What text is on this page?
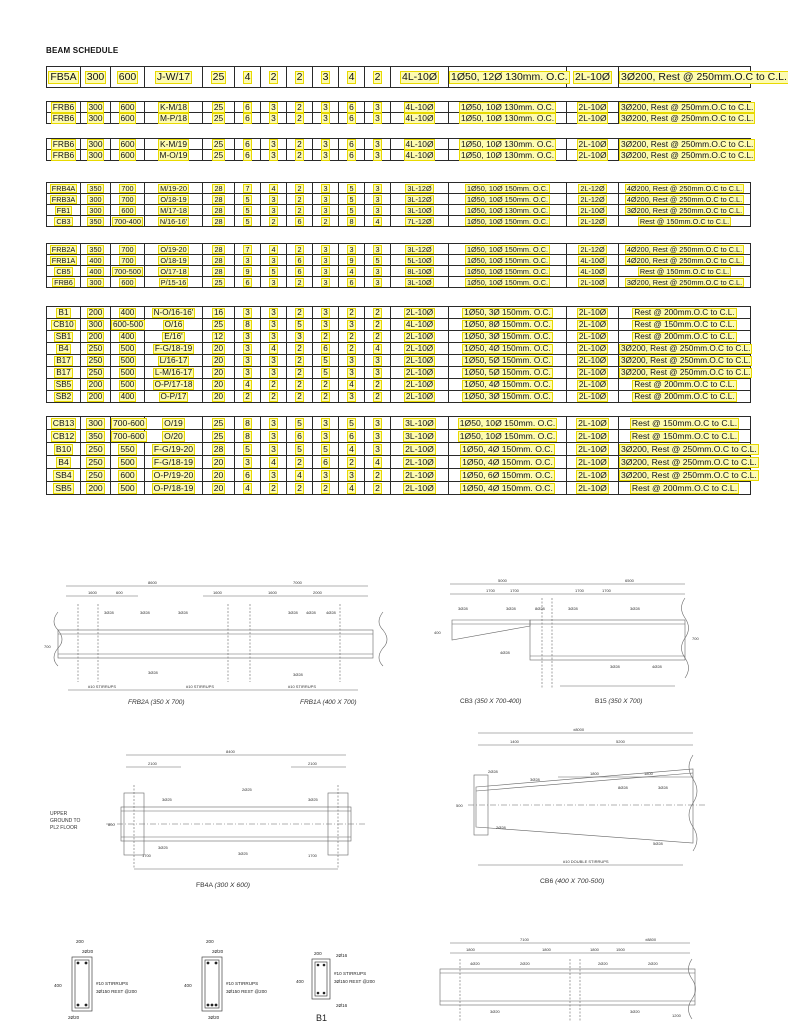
BEAM SCHEDULE
FB5A	300	600	J-W/17	25	4	2	2	3	4	2	4L-10Ø	1Ø50, 12Ø 130mm. O.C.	2L-10Ø	3Ø200, Rest @ 250mm.O.C to C.L.
FRB6	300	600	K-M/18	25	6	3	2	3	6	3	4L-10Ø	1Ø50, 10Ø 130mm. O.C.	2L-10Ø	3Ø200, Rest @ 250mm.O.C to C.L.
FRB6	300	600	M-P/18	25	6	3	2	3	6	3	4L-10Ø	1Ø50, 10Ø 130mm. O.C.	2L-10Ø	3Ø200, Rest @ 250mm.O.C to C.L.
FRB6	300	600	K-M/19	25	6	3	2	3	6	3	4L-10Ø	1Ø50, 10Ø 130mm. O.C.	2L-10Ø	3Ø200, Rest @ 250mm.O.C to C.L.
FRB6	300	600	M-O/19	25	6	3	2	3	6	3	4L-10Ø	1Ø50, 10Ø 130mm. O.C.	2L-10Ø	3Ø200, Rest @ 250mm.O.C to C.L.
FRB4A	350	700	M/19-20	28	7	4	2	3	5	3	3L-12Ø	1Ø50, 10Ø 150mm. O.C.	2L-12Ø	4Ø200, Rest @ 250mm.O.C to C.L.
FRB3A	300	700	O/18-19	28	5	3	2	3	5	3	3L-12Ø	1Ø50, 10Ø 150mm. O.C.	2L-12Ø	4Ø200, Rest @ 250mm.O.C to C.L.
FB1	300	600	M/17-18	28	5	3	2	3	5	3	3L-10Ø	1Ø50, 10Ø 130mm. O.C.	2L-10Ø	3Ø200, Rest @ 250mm.O.C to C.L.
CB3	350	700-400	N/16-16'	28	5	2	6	2	8	4	7L-12Ø	1Ø50, 10Ø 150mm. O.C.	2L-12Ø	Rest @ 150mm.O.C to C.L.
FRB2A	350	700	O/19-20	28	7	4	2	3	3	3	3L-12Ø	1Ø50, 10Ø 150mm. O.C.	2L-12Ø	4Ø200, Rest @ 250mm.O.C to C.L.
FRB1A	400	700	O/18-19	28	3	3	6	3	9	5	5L-10Ø	1Ø50, 10Ø 150mm. O.C.	4L-10Ø	4Ø200, Rest @ 250mm.O.C to C.L.
CB5	400	700-500	O/17-18	28	9	5	6	3	4	3	8L-10Ø	1Ø50, 10Ø 150mm. O.C.	4L-10Ø	Rest @ 150mm.O.C to C.L.
FRB6	300	600	P/15-16	25	6	3	2	3	6	3	3L-10Ø	1Ø50, 10Ø 150mm. O.C.	2L-10Ø	3Ø200, Rest @ 250mm.O.C to C.L.
B1	200	400	N-O/16-16'	16	3	3	2	3	2	2	2L-10Ø	1Ø50, 3Ø 150mm. O.C.	2L-10Ø	Rest @ 200mm.O.C to C.L.
CB10	300	600-500	O/16	25	8	3	5	3	3	2	4L-10Ø	1Ø50, 8Ø 150mm. O.C.	2L-10Ø	Rest @ 150mm.O.C to C.L.
SB1	200	400	E/16'	12	3	3	3	2	2	2	2L-10Ø	1Ø50, 3Ø 150mm. O.C.	2L-10Ø	Rest @ 200mm.O.C to C.L.
B4	250	500	F-G/18-19	20	3	4	2	6	2	4	2L-10Ø	1Ø50, 4Ø 150mm. O.C.	2L-10Ø	3Ø200, Rest @ 250mm.O.C to C.L.
B17	250	500	L/16-17	20	3	3	2	5	3	3	2L-10Ø	1Ø50, 5Ø 150mm. O.C.	2L-10Ø	3Ø200, Rest @ 250mm.O.C to C.L.
B17	250	500	L-M/16-17	20	3	3	2	5	3	3	2L-10Ø	1Ø50, 5Ø 150mm. O.C.	2L-10Ø	3Ø200, Rest @ 250mm.O.C to C.L.
SB5	200	500	O-P/17-18	20	4	2	2	2	4	2	2L-10Ø	1Ø50, 4Ø 150mm. O.C.	2L-10Ø	Rest @ 200mm.O.C to C.L.
SB2	200	400	O-P/17	20	2	2	2	2	3	2	2L-10Ø	1Ø50, 3Ø 150mm. O.C.	2L-10Ø	Rest @ 200mm.O.C to C.L.
CB13	300	700-600	O/19	25	8	3	5	3	5	3	3L-10Ø	1Ø50, 10Ø 150mm. O.C.	2L-10Ø	Rest @ 150mm.O.C to C.L.
CB12	350	700-600	O/20	25	8	3	6	3	6	3	3L-10Ø	1Ø50, 10Ø 150mm. O.C.	2L-10Ø	Rest @ 150mm.O.C to C.L.
B10	250	550	F-G/19-20	28	5	3	5	5	4	3	2L-10Ø	1Ø50, 4Ø 150mm. O.C.	2L-10Ø	3Ø200, Rest @ 250mm.O.C to C.L.
B4	250	500	F-G/18-19	20	3	4	2	6	2	4	2L-10Ø	1Ø50, 4Ø 150mm. O.C.	2L-10Ø	3Ø200, Rest @ 250mm.O.C to C.L.
SB4	250	600	O-P/19-20	20	6	3	4	3	3	2	2L-10Ø	1Ø50, 6Ø 150mm. O.C.	2L-10Ø	3Ø200, Rest @ 250mm.O.C to C.L.
SB5	200	500	O-P/18-19	20	4	2	2	2	4	2	2L-10Ø	1Ø50, 4Ø 150mm. O.C.	2L-10Ø	Rest @ 200mm.O.C to C.L.
8600	7000
1600	600	1600	1600	2000
700
3Ø28	3Ø28	3Ø28	3Ø28
3Ø28
4Ø28	4Ø28
3Ø28
#10 STIRRUPS	#10 STIRRUPS	#10 STIRRUPS
FRB2A (350 X 700)	FRB1A (400 X 700)
5000	6500
1700	1700	1700	1700
400
700
3Ø28	3Ø28	8Ø28	3Ø28	3Ø28
4Ø28
3Ø28	4Ø28
CB3 (350 X 700-400)	B15 (350 X 700)
8400
2100	2100
1700	1700
800
3Ø25
2Ø25
3Ø25
3Ø25
3Ø25
UPPER
GROUND TO
PL2 FLOOR
FB4A (300 X 600)
±8000
1400	5200
1800	1800
500
2Ø28
3Ø28
8Ø28	3Ø28
2Ø28
5Ø28
#10 DOUBLE STIRRUPS
CB6 (400 X 700-500)
200
400
2Ø20
2Ø20
#10 STIRRUPS
3Ø150 REST @200
200
400
2Ø20
3Ø20
#10 STIRRUPS
3Ø150 REST @200
200
400
2Ø16
2Ø16
#10 STIRRUPS
3Ø150 REST @200
B1
7100	±8800
1800	1800	1800	1500
1200
4Ø20	2Ø20	2Ø20	2Ø20
3Ø20	3Ø20
